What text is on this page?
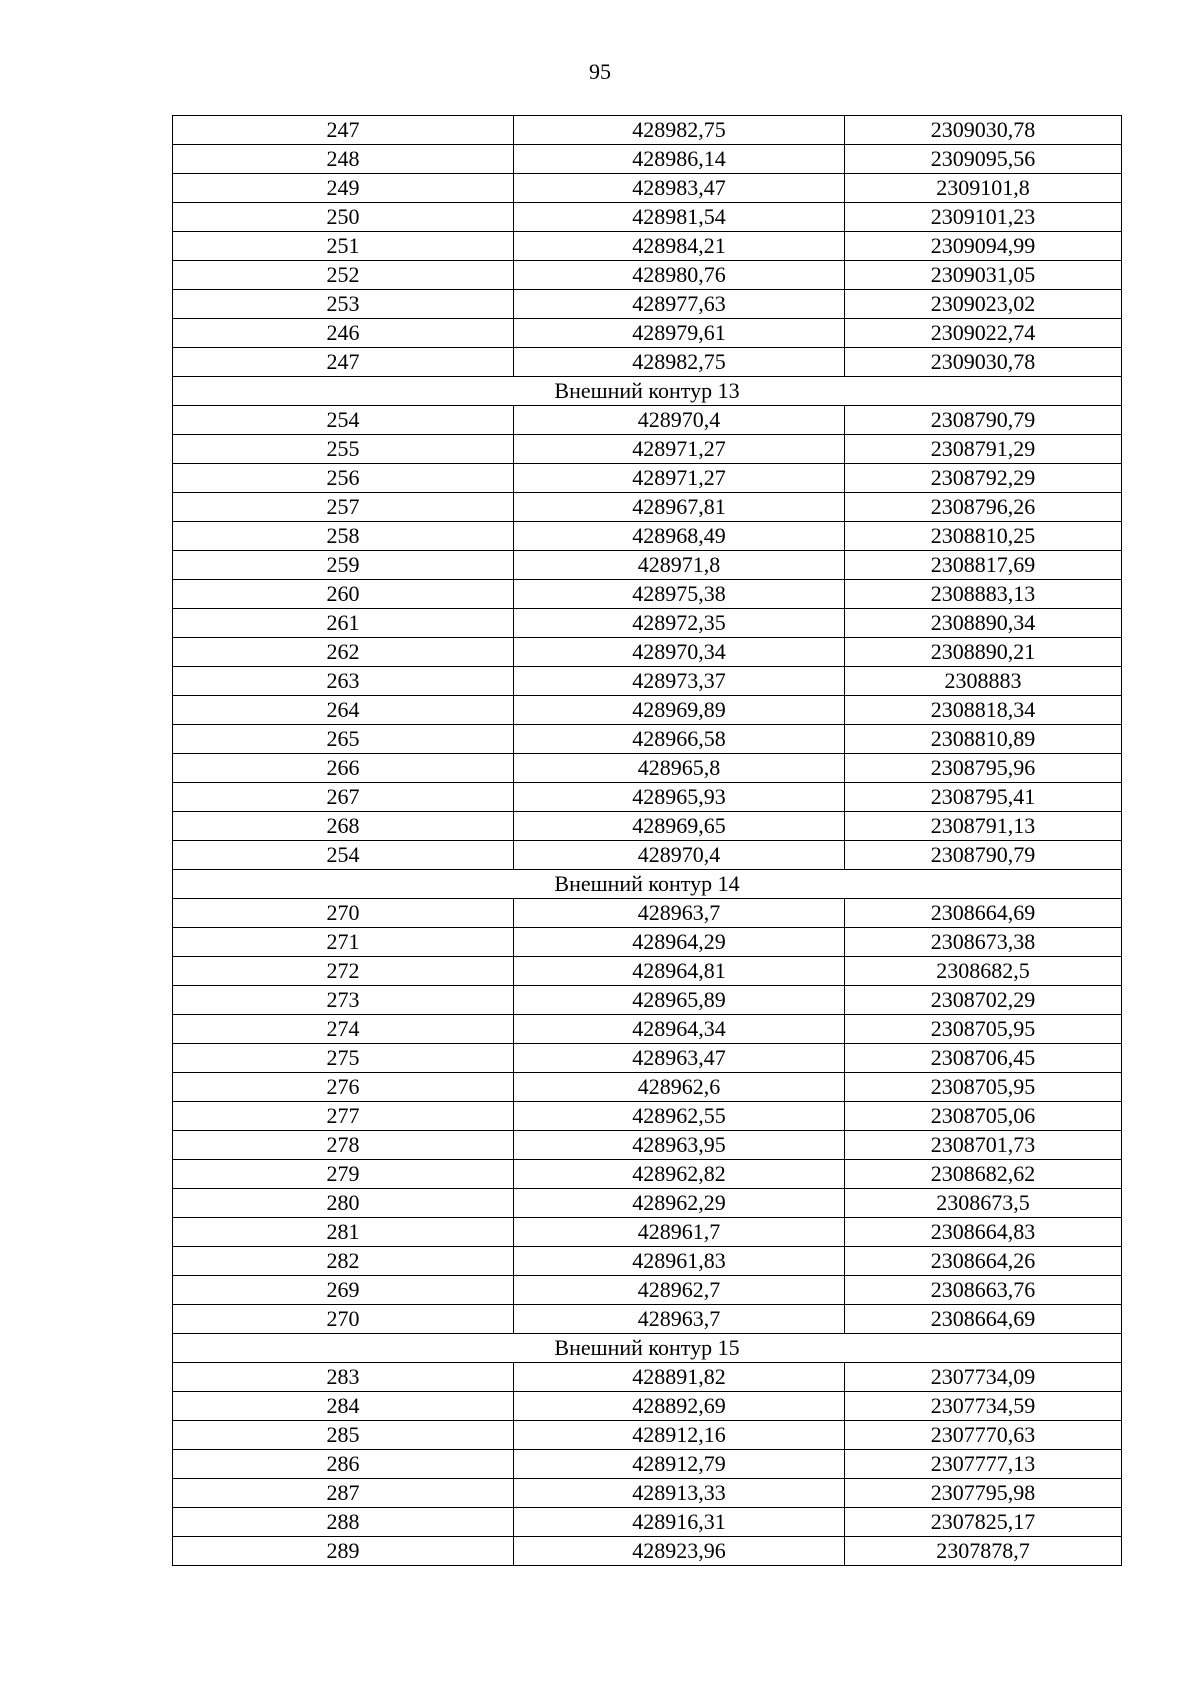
95
247	428982,75	2309030,78
248	428986,14	2309095,56
249	428983,47	2309101,8
250	428981,54	2309101,23
251	428984,21	2309094,99
252	428980,76	2309031,05
253	428977,63	2309023,02
246	428979,61	2309022,74
247	428982,75	2309030,78
Внешний контур 13		
254	428970,4	2308790,79
255	428971,27	2308791,29
256	428971,27	2308792,29
257	428967,81	2308796,26
258	428968,49	2308810,25
259	428971,8	2308817,69
260	428975,38	2308883,13
261	428972,35	2308890,34
262	428970,34	2308890,21
263	428973,37	2308883
264	428969,89	2308818,34
265	428966,58	2308810,89
266	428965,8	2308795,96
267	428965,93	2308795,41
268	428969,65	2308791,13
254	428970,4	2308790,79
Внешний контур 14		
270	428963,7	2308664,69
271	428964,29	2308673,38
272	428964,81	2308682,5
273	428965,89	2308702,29
274	428964,34	2308705,95
275	428963,47	2308706,45
276	428962,6	2308705,95
277	428962,55	2308705,06
278	428963,95	2308701,73
279	428962,82	2308682,62
280	428962,29	2308673,5
281	428961,7	2308664,83
282	428961,83	2308664,26
269	428962,7	2308663,76
270	428963,7	2308664,69
Внешний контур 15		
283	428891,82	2307734,09
284	428892,69	2307734,59
285	428912,16	2307770,63
286	428912,79	2307777,13
287	428913,33	2307795,98
288	428916,31	2307825,17
289	428923,96	2307878,7
